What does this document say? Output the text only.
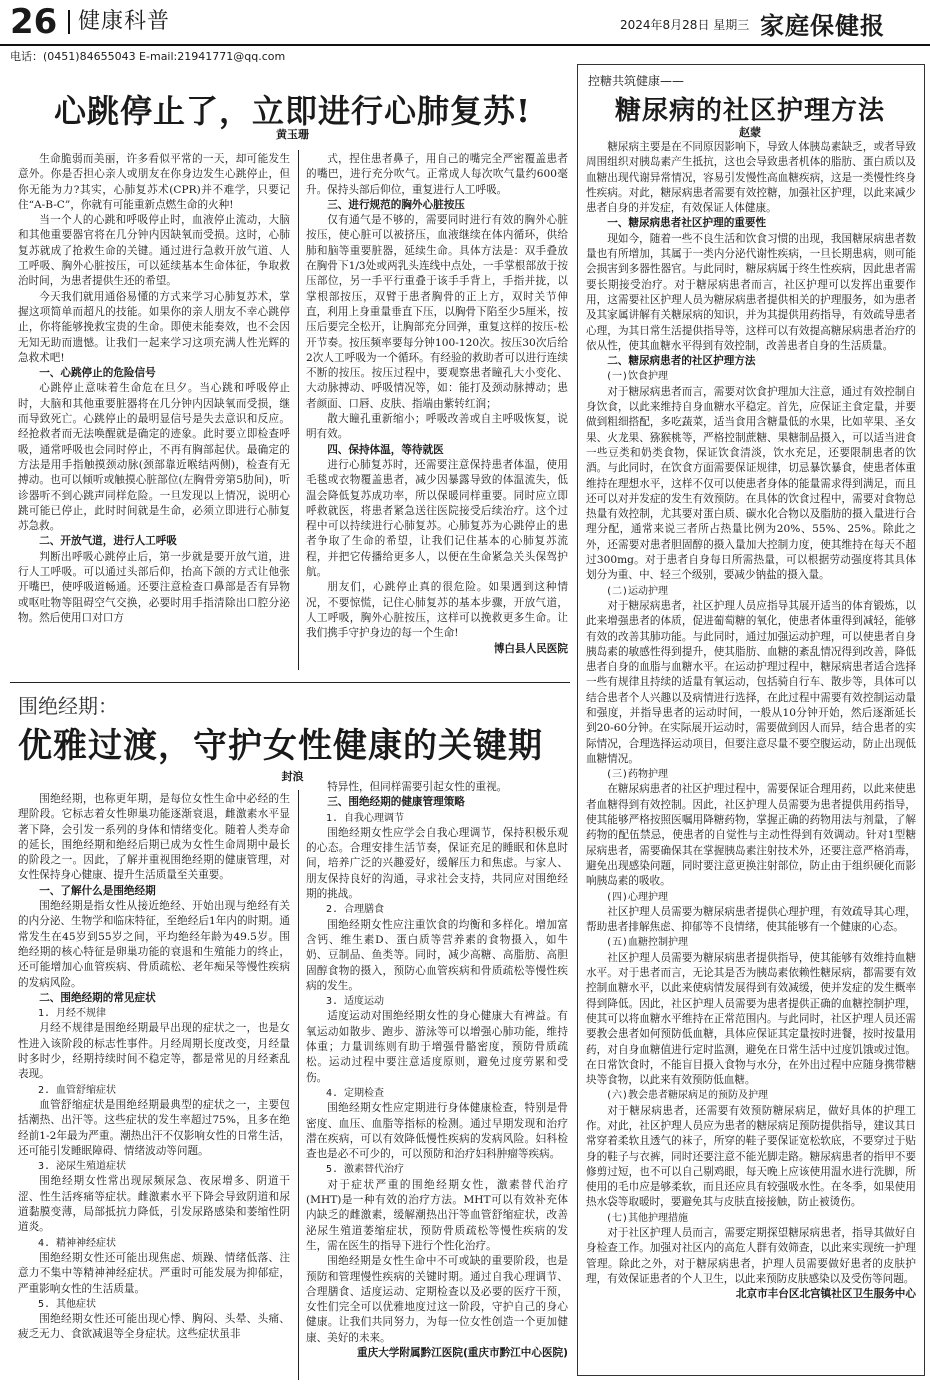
26 健康科普	2024年8月28日 星期三 家庭保健报
电话：(0451)84655043 E-mail:21941771@qq.com
心跳停止了，立即进行心肺复苏!
黄玉珊

生命脆弱而美丽，许多看似平常的一天，却可能发生意外。你是否担心亲人或朋友在你身边发生心跳停止，但你无能为力?其实，心肺复苏术(CPR)并不难学，只要记住“A-B-C”，你就有可能重新点燃生命的火种!

当一个人的心跳和呼吸停止时，血液停止流动，大脑和其他重要器官将在几分钟内因缺氧而受损。这时，心肺复苏就成了抢救生命的关键。通过进行急救开放气道、人工呼吸、胸外心脏按压，可以延续基本生命体征，争取救治时间，为患者提供生还的希望。

今天我们就用通俗易懂的方式来学习心肺复苏术，掌握这项简单而超凡的技能。如果你的亲人朋友不幸心跳停止，你将能够挽救宝贵的生命。即使未能奏效，也不会因无知无助而遗憾。让我们一起来学习这项充满人性光辉的急救术吧!

一、心跳停止的危险信号

心跳停止意味着生命危在旦夕。当心跳和呼吸停止时，大脑和其他重要脏器将在几分钟内因缺氧而受损，继而导致死亡。心跳停止的最明显信号是失去意识和反应。经抢救者而无法唤醒就是确定的迹象。此时要立即检查呼吸，通常呼吸也会同时停止，不再有胸部起伏。最确定的方法是用手指触摸颈动脉(颈部靠近喉结两侧)，检查有无搏动。也可以倾听或触摸心脏部位(左胸骨旁第5肋间)，听诊器听不到心跳声同样危险。一旦发现以上情况，说明心跳可能已停止，此时时间就是生命，必须立即进行心肺复苏急救。

二、开放气道，进行人工呼吸

判断出呼吸心跳停止后，第一步就是要开放气道，进行人工呼吸。可以通过头部后仰，抬高下颌的方式让他张开嘴巴，使呼吸道畅通。还要注意检查口鼻部是否有异物或呕吐物等阻碍空气交换，必要时用手指清除出口腔分泌物。然后使用口对口方

式，捏住患者鼻子，用自己的嘴完全严密覆盖患者的嘴巴，进行充分吹气。正常成人每次吹气量约600毫升。保持头部后仰位，重复进行人工呼吸。

三、进行规范的胸外心脏按压

仅有通气是不够的，需要同时进行有效的胸外心脏按压，使心脏可以被挤压，血液继续在体内循环，供给肺和脑等重要脏器，延续生命。具体方法是：双手叠放在胸骨下1/3处或两乳头连线中点处，一手掌根部放于按压部位，另一手平行重叠于该手手背上，手指并拢，以掌根部按压，双臂于患者胸骨的正上方，双时关节伸直，利用上身重量垂直下压，以胸骨下陷至少5厘米，按压后要完全松开，让胸部充分回弹，重复这样的按压-松开节奏。按压频率要每分钟100-120次。按压30次后给2次人工呼吸为一个循环。有经验的救助者可以进行连续不断的按压。按压过程中，要观察患者瞳孔大小变化、大动脉搏动、呼吸情况等，如：能打及颈动脉搏动；患者颜面、口唇、皮肤、指端由紫转红润；

散大瞳孔重新缩小；呼吸改善或自主呼吸恢复，说明有效。

四、保持体温，等待就医

进行心肺复苏时，还需要注意保持患者体温，使用毛毯或衣物覆盖患者，减少因暴露导致的体温流失，低温会降低复苏成功率，所以保暖同样重要。同时应立即呼救就医，将患者紧急送往医院接受后续治疗。这个过程中可以持续进行心肺复苏。心肺复苏为心跳停止的患者争取了生命的希望，让我们记住基本的心肺复苏流程，并把它传播给更多人，以便在生命紧急关头保驾护航。

朋友们，心跳停止真的很危险。如果遇到这种情况，不要惊慌，记住心肺复苏的基本步骤，开放气道，人工呼吸，胸外心脏按压，这样可以挽救更多生命。让我们携手守护身边的每一个生命!

博白县人民医院

围绝经期：
优雅过渡，守护女性健康的关键期
封浪

围绝经期，也称更年期，是每位女性生命中必经的生理阶段。它标志着女性卵巢功能逐渐衰退，雌激素水平显著下降，会引发一系列的身体和情绪变化。随着人类寿命的延长，围绝经期和绝经后期已成为女性生命周期中最长的阶段之一。因此，了解并重视围绝经期的健康管理，对女性保持身心健康、提升生活质量至关重要。

一、了解什么是围绝经期

围绝经期是指女性从接近绝经、开始出现与绝经有关的内分泌、生物学和临床特征，至绝经后1年内的时期。通常发生在45岁到55岁之间，平均绝经年龄为49.5岁。围绝经期的核心特征是卵巢功能的衰退和生殖能力的终止，还可能增加心血管疾病、骨质疏松、老年痴呆等慢性疾病的发病风险。

二、围绝经期的常见症状

1. 月经不规律

月经不规律是围绝经期最早出现的症状之一，也是女性进入该阶段的标志性事件。月经周期长度改变，月经量时多时少，经期持续时间不稳定等，都是常见的月经紊乱表现。

2. 血管舒缩症状

血管舒缩症状是围绝经期最典型的症状之一，主要包括潮热、出汗等。这些症状的发生率超过75%，且多在绝经前1-2年最为严重。潮热出汗不仅影响女性的日常生活，还可能引发睡眠障碍、情绪波动等问题。

3. 泌尿生殖道症状

围绝经期女性常出现尿频尿急、夜尿增多、阴道干涩、性生活疼痛等症状。雌激素水平下降会导致阴道和尿道黏膜变薄，局部抵抗力降低，引发尿路感染和萎缩性阴道炎。

4. 精神神经症状

围绝经期女性还可能出现焦虑、烦躁、情绪低落、注意力不集中等精神神经症状。严重时可能发展为抑郁症，严重影响女性的生活质量。

5. 其他症状

围绝经期女性还可能出现心悸、胸闷、头晕、头痛、疲乏无力、食欲减退等全身症状。这些症状虽非

特异性，但同样需要引起女性的重视。

三、围绝经期的健康管理策略

1. 自我心理调节

围绝经期女性应学会自我心理调节，保持积极乐观的心态。合理安排生活节奏，保证充足的睡眠和休息时间，培养广泛的兴趣爱好，缓解压力和焦虑。与家人、朋友保持良好的沟通，寻求社会支持，共同应对围绝经期的挑战。

2. 合理膳食

围绝经期女性应注重饮食的均衡和多样化。增加富含钙、维生素D、蛋白质等营养素的食物摄入，如牛奶、豆制品、鱼类等。同时，减少高糖、高脂肪、高胆固醇食物的摄入，预防心血管疾病和骨质疏松等慢性疾病的发生。

3. 适度运动

适度运动对围绝经期女性的身心健康大有裨益。有氧运动如散步、跑步、游泳等可以增强心肺功能，维持体重；力量训练则有助于增强骨骼密度，预防骨质疏松。运动过程中要注意适度原则，避免过度劳累和受伤。

4. 定期检查

围绝经期女性应定期进行身体健康检查，特别是骨密度、血压、血脂等指标的检测。通过早期发现和治疗潜在疾病，可以有效降低慢性疾病的发病风险。妇科检查也是必不可少的，可以预防和治疗妇科肿瘤等疾病。

5. 激素替代治疗

对于症状严重的围绝经期女性，激素替代治疗(MHT)是一种有效的治疗方法。MHT可以有效补充体内缺乏的雌激素，缓解潮热出汗等血管舒缩症状，改善泌尿生殖道萎缩症状，预防骨质疏松等慢性疾病的发生，需在医生的指导下进行个性化治疗。

围绝经期是女性生命中不可或缺的重要阶段，也是预防和管理慢性疾病的关键时期。通过自我心理调节、合理膳食、适度运动、定期检查以及必要的医疗干预，女性们完全可以优雅地度过这一阶段，守护自己的身心健康。让我们共同努力，为每一位女性创造一个更加健康、美好的未来。

重庆大学附属黔江医院(重庆市黔江中心医院)

控糖共筑健康——
糖尿病的社区护理方法
赵蒙

糖尿病主要是在不同原因影响下，导致人体胰岛素缺乏，或者导致周围组织对胰岛素产生抵抗，这也会导致患者机体的脂肪、蛋白质以及血糖出现代谢异常情况，容易引发慢性高血糖疾病，这是一类慢性终身性疾病。对此，糖尿病患者需要有效控糖，加强社区护理，以此来减少患者自身的并发症，有效保证人体健康。

一、糖尿病患者社区护理的重要性

现如今，随着一些不良生活和饮食习惯的出现，我国糖尿病患者数量也有所增加，其属于一类内分泌代谢性疾病，一旦长期患病，则可能会损害到多器性器官。与此同时，糖尿病属于终生性疾病，因此患者需要长期接受治疗。对于糖尿病患者而言，社区护理可以发挥出重要作用，这需要社区护理人员为糖尿病患者提供相关的护理服务，如为患者及其家属讲解有关糖尿病的知识，并为其提供用药指导，有效疏导患者心理，为其日常生活提供指导等，这样可以有效提高糖尿病患者治疗的依从性，使其血糖水平得到有效控制，改善患者自身的生活质量。

二、糖尿病患者的社区护理方法

(一)饮食护理

对于糖尿病患者而言，需要对饮食护理加大注意，通过有效控制自身饮食，以此来维持自身血糖水平稳定。首先，应保证主食定量，并要做到粗细搭配，多吃蔬菜，适当食用含糖量低的水果，比如苹果、圣女果、火龙果、猕猴桃等，严格控制蔗糖、果糖制品摄入，可以适当进食一些豆类和奶类食物，保证饮食清淡，饮水充足，还要限制患者的饮酒。与此同时，在饮食方面需要保证规律，切忌暴饮暴食，使患者体重维持在理想水平，这样不仅可以使患者身体的能量需求得到满足，而且还可以对并发症的发生有效预防。在具体的饮食过程中，需要对食物总热量有效控制，尤其要对蛋白质、碳水化合物以及脂肪的摄入量进行合理分配，通常来说三者所占热量比例为20%、55%、25%。除此之外，还需要对患者胆固醇的摄入量加大控制力度，使其维持在每天不超过300mg。对于患者自身每日所需热量，可以根据劳动强度将其具体划分为重、中、轻三个级别，要减少钠盐的摄入量。

(二)运动护理

对于糖尿病患者，社区护理人员应指导其展开适当的体育锻炼，以此来增强患者的体质，促进葡萄糖的氧化，使患者体重得到减轻，能够有效的改善其肺功能。与此同时，通过加强运动护理，可以使患者自身胰岛素的敏感性得到提升，使其脂肪、血糖的紊乱情况得到改善，降低患者自身的血脂与血糖水平。在运动护理过程中，糖尿病患者适合选择一些有规律且持续的适量有氧运动，包括骑自行车、散步等，具体可以结合患者个人兴趣以及病情进行选择，在此过程中需要有效控制运动量和强度，并指导患者的运动时间，一般从10分钟开始，然后逐渐延长到20-60分钟。在实际展开运动时，需要做到因人而异，结合患者的实际情况，合理选择运动项目，但要注意尽量不要空腹运动，防止出现低血糖情况。

(三)药物护理

在糖尿病患者的社区护理过程中，需要保证合理用药，以此来使患者血糖得到有效控制。因此，社区护理人员需要为患者提供用药指导，使其能够严格按照医嘱用降糖药物，掌握正确的药物用法与剂量，了解药物的配伍禁忌，使患者的自觉性与主动性得到有效调动。针对1型糖尿病患者，需要确保其在掌握胰岛素注射技术外，还要注意严格消毒，避免出现感染问题，同时要注意更换注射部位，防止由于组织硬化而影响胰岛素的吸收。

(四)心理护理

社区护理人员需要为糖尿病患者提供心理护理，有效疏导其心理，帮助患者排解焦虑、抑郁等不良情绪，使其能够有一个健康的心态。

(五)血糖控制护理

社区护理人员需要为糖尿病患者提供指导，使其能够有效维持血糖水平。对于患者而言，无论其是否为胰岛素依赖性糖尿病，都需要有效控制血糖水平，以此来使病情发展得到有效减缓，使并发症的发生概率得到降低。因此，社区护理人员需要为患者提供正确的血糖控制护理，使其可以将血糖水平维持在正常范围内。与此同时，社区护理人员还需要教会患者如何预防低血糖，具体应保证其定量按时进餐，按时按量用药，对自身血糖值进行定时监测，避免在日常生活中过度饥饿或过饱。在日常饮食时，不能盲目摄入食物与水分，在外出过程中应随身携带糖块等食物，以此来有效预防低血糖。

(六)教会患者糖尿病足的预防及护理

对于糖尿病患者，还需要有效预防糖尿病足，做好具体的护理工作。对此，社区护理人员应为患者的糖尿病足预防提供指导，建议其日常穿着柔软且透气的袜子，所穿的鞋子要保证宽松软底，不要穿过于贴身的鞋子与衣裤，同时还要注意不能光脚走路。糖尿病患者的指甲不要修剪过短，也不可以自己剔鸡眼，每天晚上应该使用温水进行洗脚，所使用的毛巾应是够柔软，而且还应具有较强吸水性。在冬季，如果使用热水袋等取暖时，要避免其与皮肤直接接触，防止被烫伤。

(七)其他护理措施

对于社区护理人员而言，需要定期探望糖尿病患者，指导其做好自身检查工作。加强对社区内的高危人群有效筛查，以此来实现统一护理管理。除此之外，对于糖尿病患者，护理人员需要做好患者的皮肤护理，有效保证患者的个人卫生，以此来预防皮肤感染以及受伤等问题。

北京市丰台区北宫镇社区卫生服务中心
